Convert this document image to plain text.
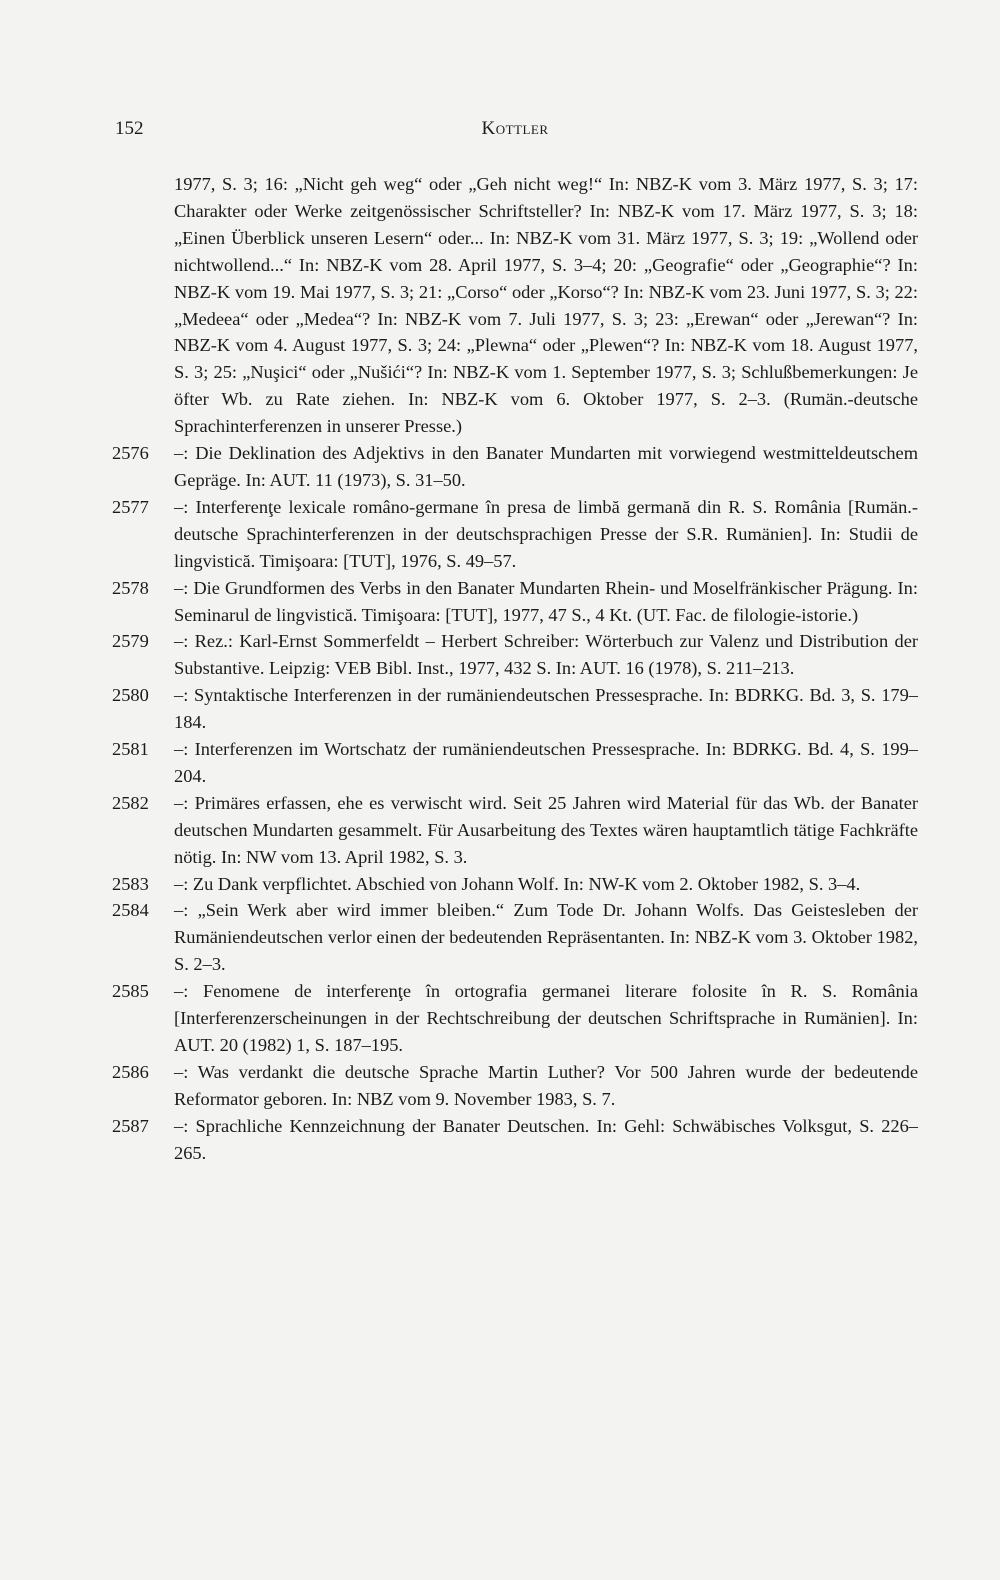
152	Kottler
1977, S. 3; 16: „Nicht geh weg“ oder „Geh nicht weg!“ In: NBZ-K vom 3. März 1977, S. 3; 17: Charakter oder Werke zeitgenössischer Schriftsteller? In: NBZ-K vom 17. März 1977, S. 3; 18: „Einen Überblick unseren Lesern“ oder... In: NBZ-K vom 31. März 1977, S. 3; 19: „Wollend oder nichtwollend...“ In: NBZ-K vom 28. April 1977, S. 3–4; 20: „Geografie“ oder „Geographie“? In: NBZ-K vom 19. Mai 1977, S. 3; 21: „Corso“ oder „Korso“? In: NBZ-K vom 23. Juni 1977, S. 3; 22: „Medeea“ oder „Medea“? In: NBZ-K vom 7. Juli 1977, S. 3; 23: „Erewan“ oder „Jerewan“? In: NBZ-K vom 4. August 1977, S. 3; 24: „Plewna“ oder „Plewen“? In: NBZ-K vom 18. August 1977, S. 3; 25: „Nuşici“ oder „Nušići“? In: NBZ-K vom 1. September 1977, S. 3; Schlußbemerkungen: Je öfter Wb. zu Rate ziehen. In: NBZ-K vom 6. Oktober 1977, S. 2–3. (Rumän.-deutsche Sprachinterferenzen in unserer Presse.)
2576 –: Die Deklination des Adjektivs in den Banater Mundarten mit vorwiegend westmitteldeutschem Gepräge. In: AUT. 11 (1973), S. 31–50.
2577 –: Interferenţe lexicale româno-germane în presa de limbă germană din R. S. România [Rumän.-deutsche Sprachinterferenzen in der deutschsprachigen Presse der S.R. Rumänien]. In: Studii de lingvistică. Timişoara: [TUT], 1976, S. 49–57.
2578 –: Die Grundformen des Verbs in den Banater Mundarten Rhein- und Moselfränkischer Prägung. In: Seminarul de lingvistică. Timişoara: [TUT], 1977, 47 S., 4 Kt. (UT. Fac. de filologie-istorie.)
2579 –: Rez.: Karl-Ernst Sommerfeldt – Herbert Schreiber: Wörterbuch zur Valenz und Distribution der Substantive. Leipzig: VEB Bibl. Inst., 1977, 432 S. In: AUT. 16 (1978), S. 211–213.
2580 –: Syntaktische Interferenzen in der rumäniendeutschen Pressesprache. In: BDRKG. Bd. 3, S. 179–184.
2581 –: Interferenzen im Wortschatz der rumäniendeutschen Pressesprache. In: BDRKG. Bd. 4, S. 199–204.
2582 –: Primäres erfassen, ehe es verwischt wird. Seit 25 Jahren wird Material für das Wb. der Banater deutschen Mundarten gesammelt. Für Ausarbeitung des Textes wären hauptamtlich tätige Fachkräfte nötig. In: NW vom 13. April 1982, S. 3.
2583 –: Zu Dank verpflichtet. Abschied von Johann Wolf. In: NW-K vom 2. Oktober 1982, S. 3–4.
2584 –: „Sein Werk aber wird immer bleiben.“ Zum Tode Dr. Johann Wolfs. Das Geistesleben der Rumäniendeutschen verlor einen der bedeutenden Repräsentanten. In: NBZ-K vom 3. Oktober 1982, S. 2–3.
2585 –: Fenomene de interferenţe în ortografia germanei literare folosite în R. S. România [Interferenzerscheinungen in der Rechtschreibung der deutschen Schriftsprache in Rumänien]. In: AUT. 20 (1982) 1, S. 187–195.
2586 –: Was verdankt die deutsche Sprache Martin Luther? Vor 500 Jahren wurde der bedeutende Reformator geboren. In: NBZ vom 9. November 1983, S. 7.
2587 –: Sprachliche Kennzeichnung der Banater Deutschen. In: Gehl: Schwäbisches Volksgut, S. 226–265.
